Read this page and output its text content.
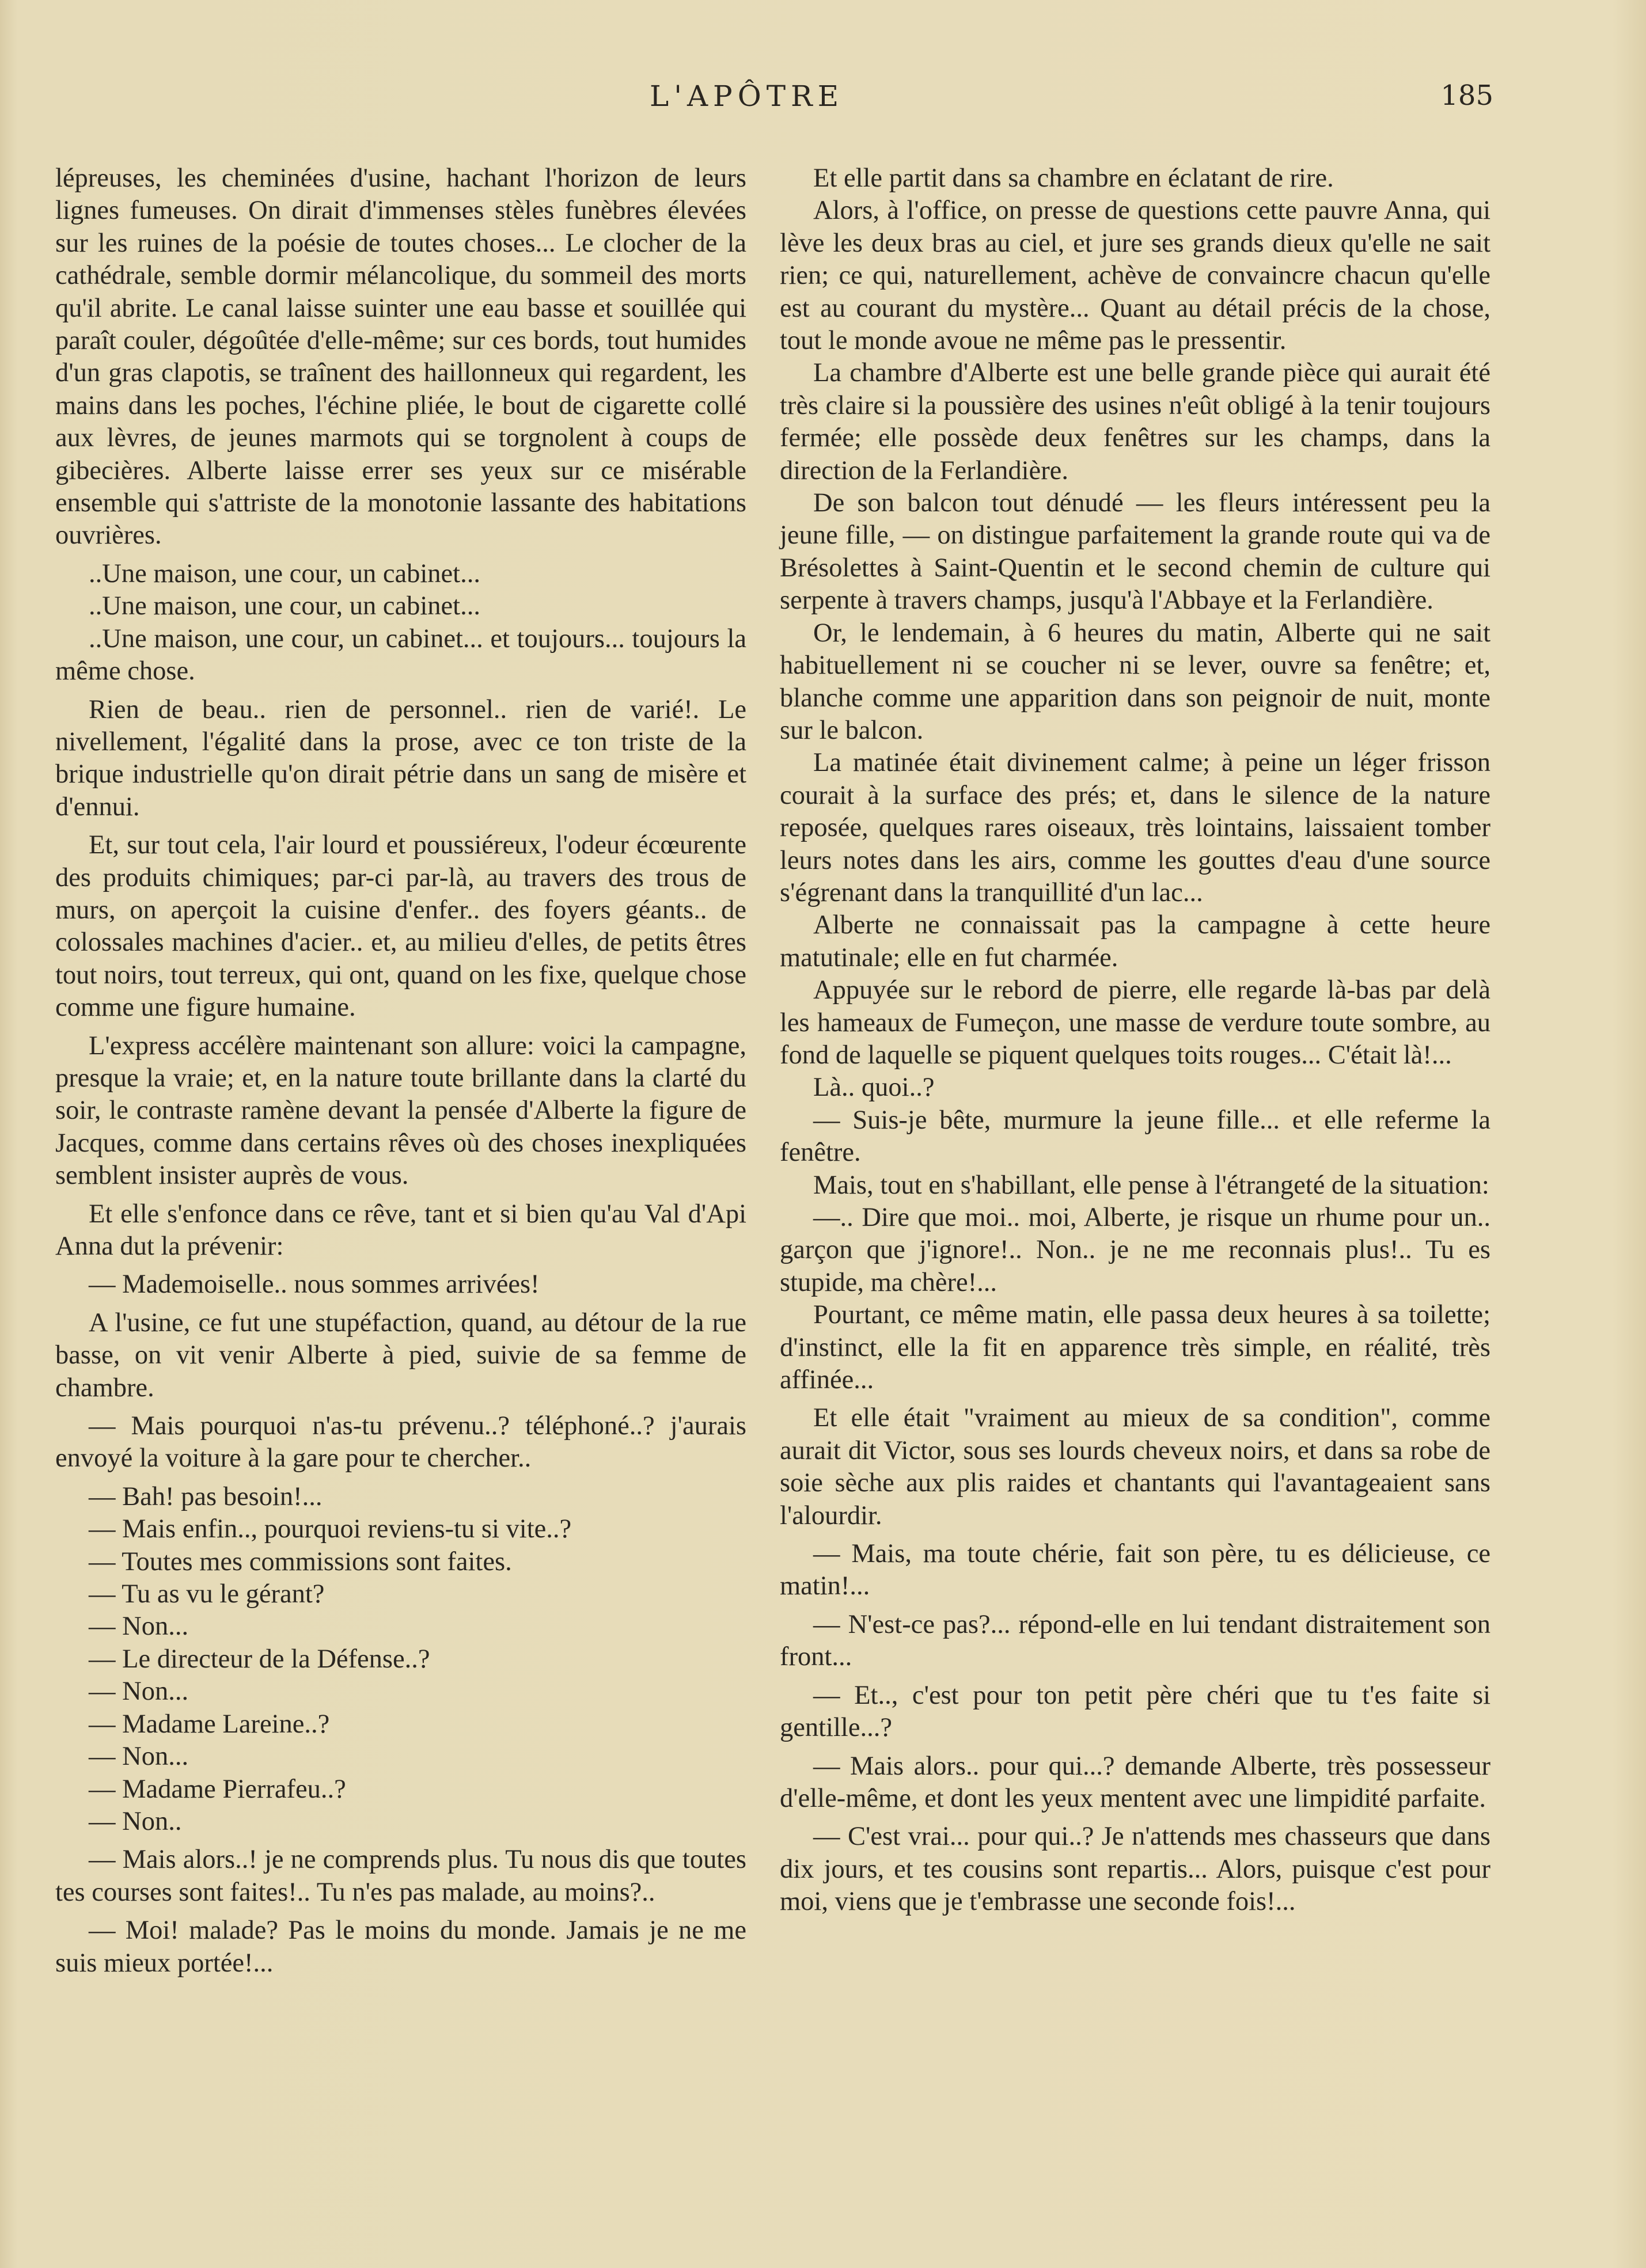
L'APÔTRE	185

lépreuses, les cheminées d'usine, hachant l'horizon de leurs lignes fumeuses. On dirait d'immenses stèles funèbres élevées sur les ruines de la poésie de toutes choses... Le clocher de la cathédrale, semble dormir mélancolique, du sommeil des morts qu'il abrite. Le canal laisse suinter une eau basse et souillée qui paraît couler, dégoûtée d'elle-même; sur ces bords, tout humides d'un gras clapotis, se traînent des haillonneux qui regardent, les mains dans les poches, l'échine pliée, le bout de cigarette collé aux lèvres, de jeunes marmots qui se torgnolent à coups de gibecières. Alberte laisse errer ses yeux sur ce misérable ensemble qui s'attriste de la monotonie lassante des habitations ouvrières.

..Une maison, une cour, un cabinet...

..Une maison, une cour, un cabinet...

..Une maison, une cour, un cabinet... et toujours... toujours la même chose.

Rien de beau.. rien de personnel.. rien de varié!. Le nivellement, l'égalité dans la prose, avec ce ton triste de la brique industrielle qu'on dirait pétrie dans un sang de misère et d'ennui.

Et, sur tout cela, l'air lourd et poussiéreux, l'odeur écœurente des produits chimiques; par-ci par-là, au travers des trous de murs, on aperçoit la cuisine d'enfer.. des foyers géants.. de colossales machines d'acier.. et, au milieu d'elles, de petits êtres tout noirs, tout terreux, qui ont, quand on les fixe, quelque chose comme une figure humaine.

L'express accélère maintenant son allure: voici la campagne, presque la vraie; et, en la nature toute brillante dans la clarté du soir, le contraste ramène devant la pensée d'Alberte la figure de Jacques, comme dans certains rêves où des choses inexpliquées semblent insister auprès de vous.

Et elle s'enfonce dans ce rêve, tant et si bien qu'au Val d'Api Anna dut la prévenir:

— Mademoiselle.. nous sommes arrivées!

A l'usine, ce fut une stupéfaction, quand, au détour de la rue basse, on vit venir Alberte à pied, suivie de sa femme de chambre.

— Mais pourquoi n'as-tu prévenu..? téléphoné..? j'aurais envoyé la voiture à la gare pour te chercher..

— Bah! pas besoin!...

— Mais enfin.., pourquoi reviens-tu si vite..?

— Toutes mes commissions sont faites.

— Tu as vu le gérant?

— Non...

— Le directeur de la Défense..?

— Non...

— Madame Lareine..?

— Non...

— Madame Pierrafeu..?

— Non..

— Mais alors..! je ne comprends plus. Tu nous dis que toutes tes courses sont faites!.. Tu n'es pas malade, au moins?..

— Moi! malade? Pas le moins du monde. Jamais je ne me suis mieux portée!...

Et elle partit dans sa chambre en éclatant de rire.

Alors, à l'office, on presse de questions cette pauvre Anna, qui lève les deux bras au ciel, et jure ses grands dieux qu'elle ne sait rien; ce qui, naturellement, achève de convaincre chacun qu'elle est au courant du mystère... Quant au détail précis de la chose, tout le monde avoue ne même pas le pressentir.

La chambre d'Alberte est une belle grande pièce qui aurait été très claire si la poussière des usines n'eût obligé à la tenir toujours fermée; elle possède deux fenêtres sur les champs, dans la direction de la Ferlandière.

De son balcon tout dénudé — les fleurs intéressent peu la jeune fille, — on distingue parfaitement la grande route qui va de Brésolettes à Saint-Quentin et le second chemin de culture qui serpente à travers champs, jusqu'à l'Abbaye et la Ferlandière.

Or, le lendemain, à 6 heures du matin, Alberte qui ne sait habituellement ni se coucher ni se lever, ouvre sa fenêtre; et, blanche comme une apparition dans son peignoir de nuit, monte sur le balcon.

La matinée était divinement calme; à peine un léger frisson courait à la surface des prés; et, dans le silence de la nature reposée, quelques rares oiseaux, très lointains, laissaient tomber leurs notes dans les airs, comme les gouttes d'eau d'une source s'égrenant dans la tranquillité d'un lac...

Alberte ne connaissait pas la campagne à cette heure matutinale; elle en fut charmée.

Appuyée sur le rebord de pierre, elle regarde là-bas par delà les hameaux de Fumeçon, une masse de verdure toute sombre, au fond de laquelle se piquent quelques toits rouges... C'était là!...

Là.. quoi..?

— Suis-je bête, murmure la jeune fille... et elle referme la fenêtre.

Mais, tout en s'habillant, elle pense à l'étrangeté de la situation:

—.. Dire que moi.. moi, Alberte, je risque un rhume pour un.. garçon que j'ignore!.. Non.. je ne me reconnais plus!.. Tu es stupide, ma chère!...

Pourtant, ce même matin, elle passa deux heures à sa toilette; d'instinct, elle la fit en apparence très simple, en réalité, très affinée...

Et elle était "vraiment au mieux de sa condition", comme aurait dit Victor, sous ses lourds cheveux noirs, et dans sa robe de soie sèche aux plis raides et chantants qui l'avantageaient sans l'alourdir.

— Mais, ma toute chérie, fait son père, tu es délicieuse, ce matin!...

— N'est-ce pas?... répond-elle en lui tendant distraitement son front...

— Et.., c'est pour ton petit père chéri que tu t'es faite si gentille...?

— Mais alors.. pour qui...? demande Alberte, très possesseur d'elle-même, et dont les yeux mentent avec une limpidité parfaite.

— C'est vrai... pour qui..? Je n'attends mes chasseurs que dans dix jours, et tes cousins sont repartis... Alors, puisque c'est pour moi, viens que je t'embrasse une seconde fois!...
